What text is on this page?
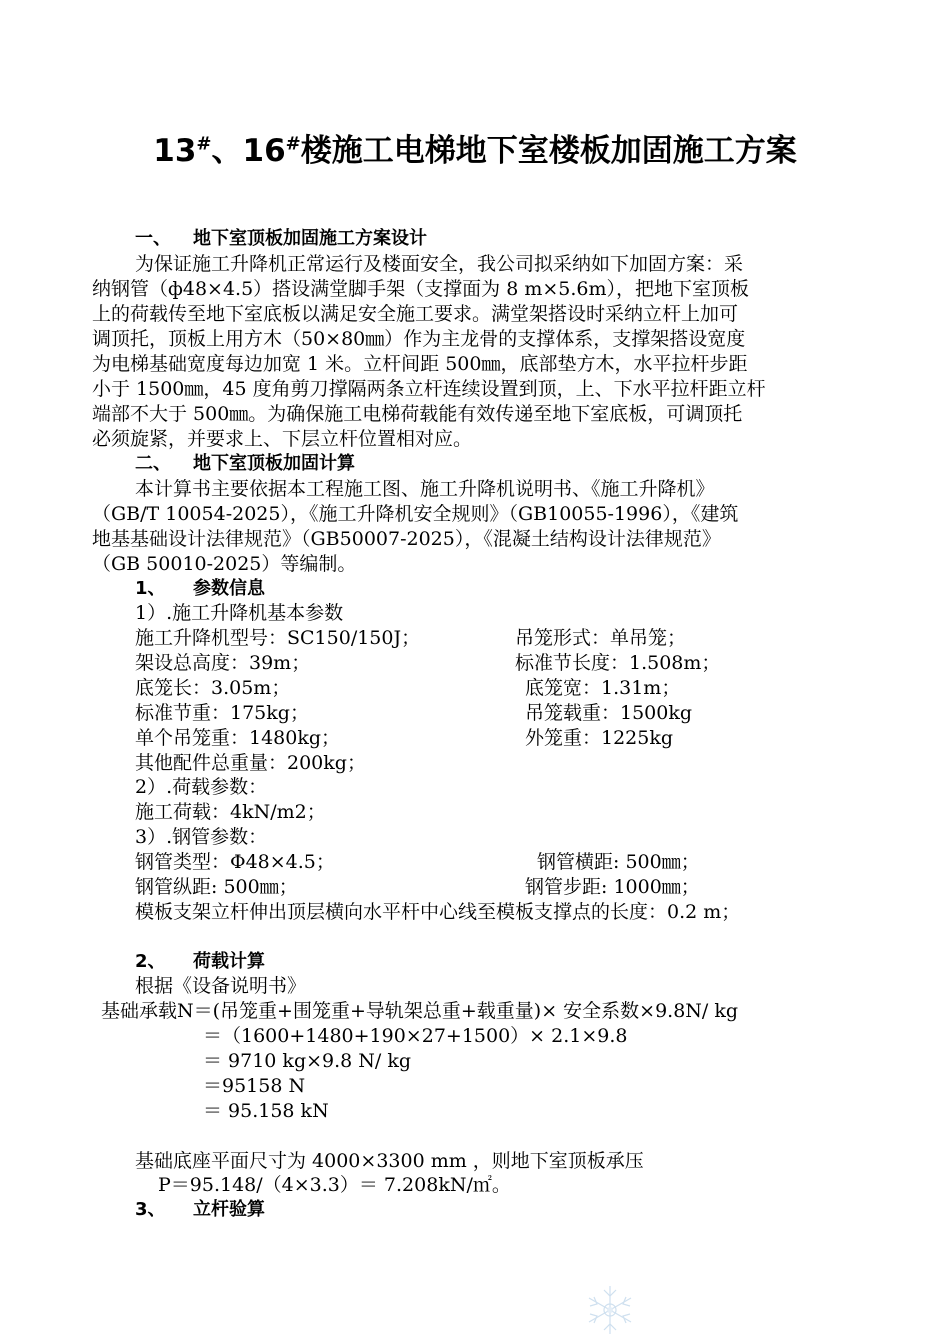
13#、16#楼施工电梯地下室楼板加固施工方案
一、 地下室顶板加固施工方案设计
为保证施工升降机正常运行及楼面安全，我公司拟采纳如下加固方案：采
纳钢管（ф48×4.5）搭设满堂脚手架（支撑面为 8 m×5.6m），把地下室顶板
上的荷载传至地下室底板以满足安全施工要求。满堂架搭设时采纳立杆上加可
调顶托，顶板上用方木（50×80㎜）作为主龙骨的支撑体系，支撑架搭设宽度
为电梯基础宽度每边加宽 1 米。立杆间距 500㎜，底部垫方木，水平拉杆步距
小于 1500㎜，45 度角剪刀撑隔两条立杆连续设置到顶，上、下水平拉杆距立杆
端部不大于 500㎜。为确保施工电梯荷载能有效传递至地下室底板，可调顶托
必须旋紧，并要求上、下层立杆位置相对应。
二、 地下室顶板加固计算
本计算书主要依据本工程施工图、施工升降机说明书、《施工升降机》
（GB/T 10054-2025），《施工升降机安全规则》（GB10055-1996），《建筑
地基基础设计法律规范》（GB50007-2025），《混凝土结构设计法律规范》
（GB 50010-2025）等编制。
1、 参数信息
1）.施工升降机基本参数
施工升降机型号：SC150/150J；	吊笼形式：单吊笼；
架设总高度：39m；	标准节长度：1.508m；
底笼长：3.05m；	底笼宽：1.31m；
标准节重：175kg；	吊笼载重：1500kg
单个吊笼重：1480kg；	外笼重：1225kg
其他配件总重量：200kg；
2）.荷载参数：
施工荷载：4kN/m2；
3）.钢管参数：
钢管类型：Φ48×4.5；	钢管横距: 500㎜；
钢管纵距: 500㎜；	钢管步距: 1000㎜；
模板支架立杆伸出顶层横向水平杆中心线至模板支撑点的长度：0.2 m；
2、 荷载计算
根据《设备说明书》
基础承载N＝(吊笼重+围笼重+导轨架总重+载重量)× 安全系数×9.8N/ kg
＝（1600+1480+190×27+1500）× 2.1×9.8
＝ 9710 kg×9.8 N/ kg
＝95158 N
＝ 95.158 kN
基础底座平面尺寸为 4000×3300 mm ，则地下室顶板承压
P＝95.148/（4×3.3）＝ 7.208kN/㎡。
3、 立杆验算
